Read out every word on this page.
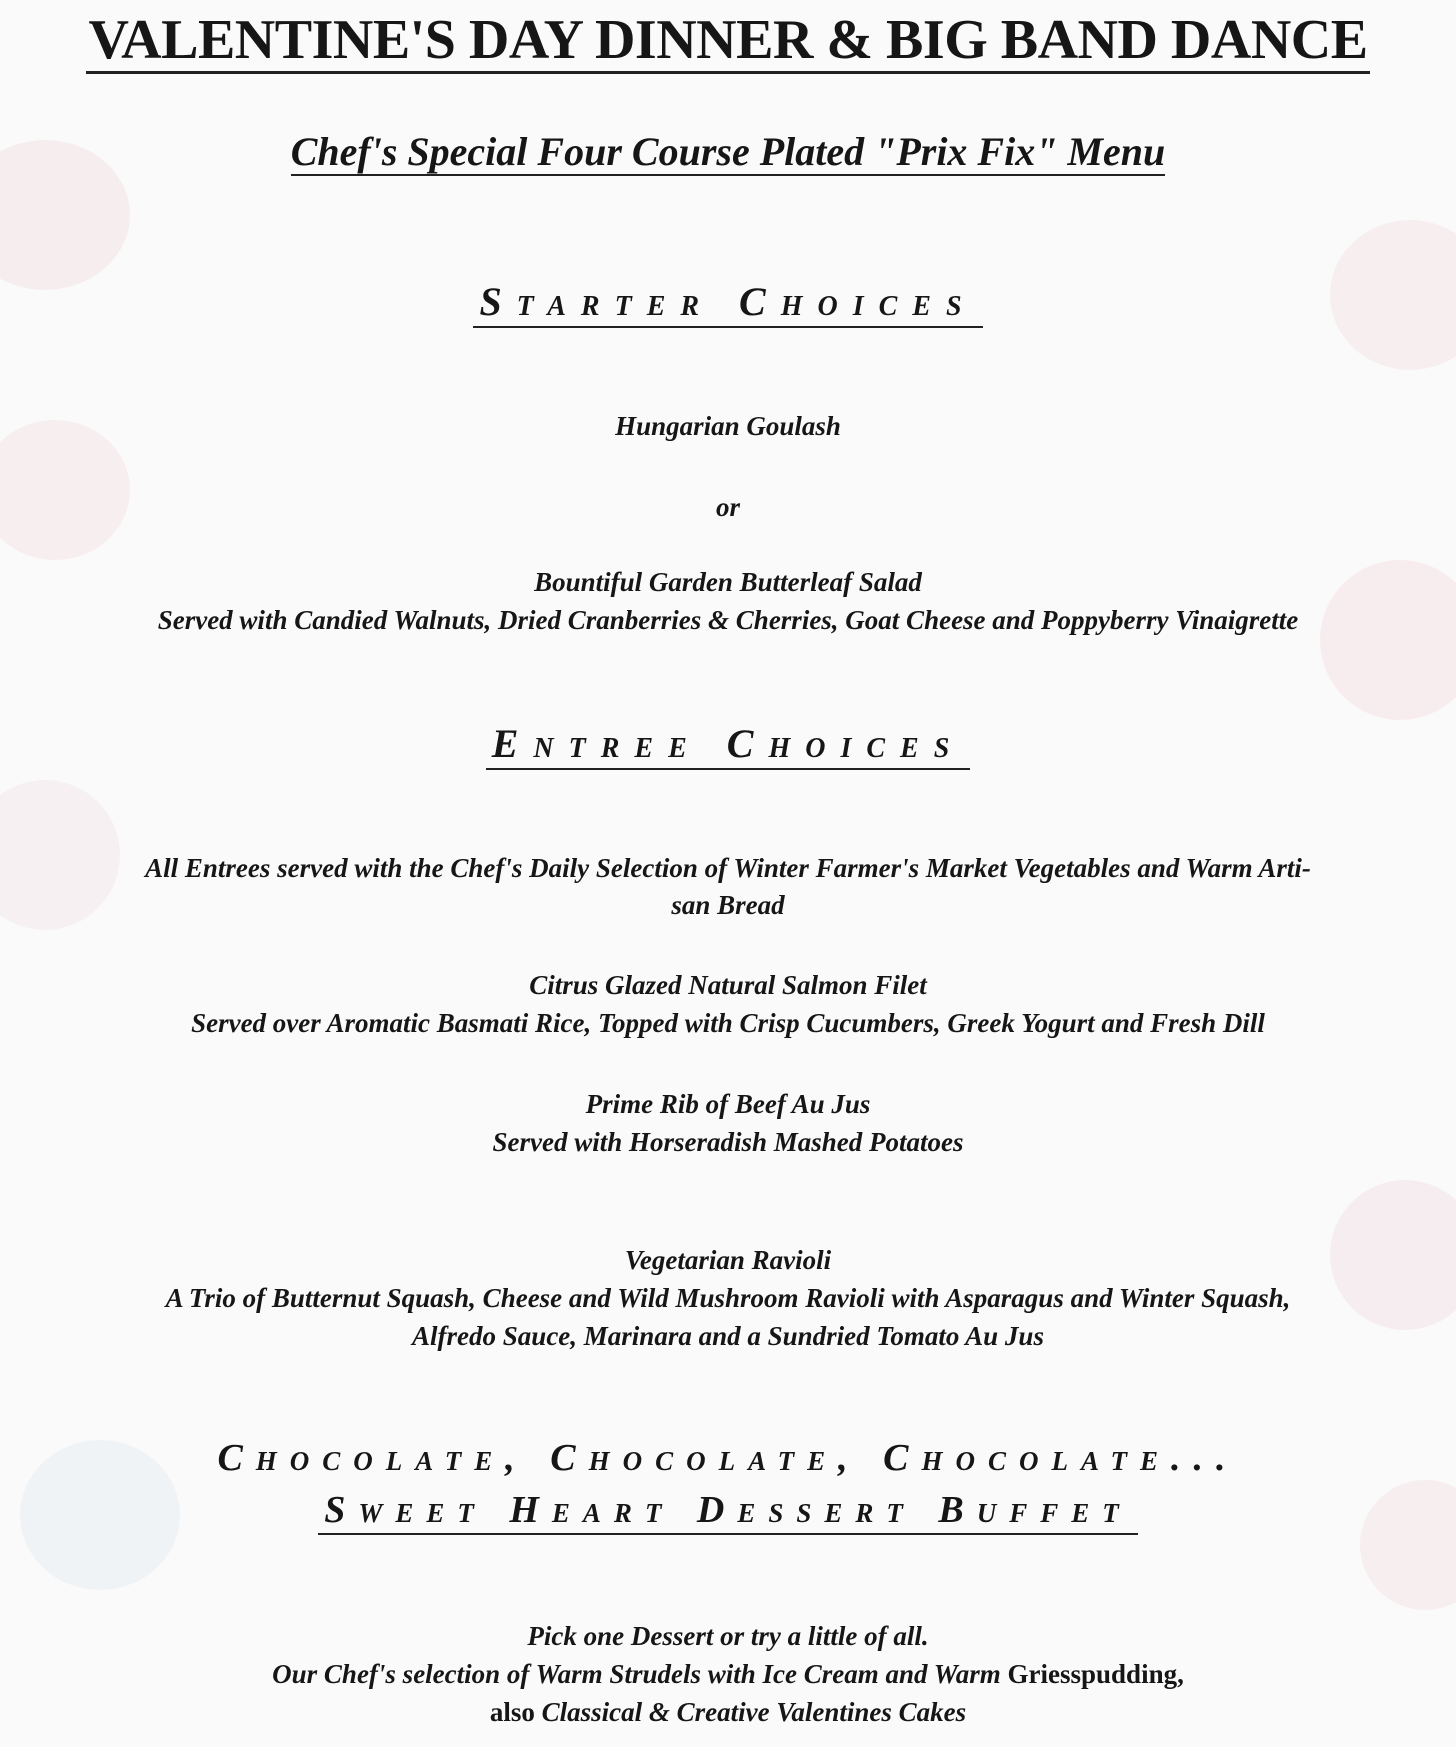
VALENTINE'S DAY DINNER & BIG BAND DANCE
Chef's Special Four Course Plated "Prix Fix" Menu
Starter Choices
Hungarian Goulash
or
Bountiful Garden Butterleaf Salad
Served with Candied Walnuts, Dried Cranberries & Cherries, Goat Cheese and Poppyberry Vinaigrette
Entree Choices
All Entrees served with the Chef's Daily Selection of Winter Farmer's Market Vegetables and Warm Arti-
san Bread
Citrus Glazed Natural Salmon Filet
Served over Aromatic Basmati Rice, Topped with Crisp Cucumbers, Greek Yogurt and Fresh Dill
Prime Rib of Beef Au Jus
Served with Horseradish Mashed Potatoes
Vegetarian Ravioli
A Trio of Butternut Squash, Cheese and Wild Mushroom Ravioli with Asparagus and Winter Squash,
Alfredo Sauce, Marinara and a Sundried Tomato Au Jus
Chocolate, Chocolate, Chocolate...
Sweet Heart Dessert Buffet
Pick one Dessert or try a little of all.
Our Chef's selection of Warm Strudels with Ice Cream and Warm Griesspudding,
also Classical & Creative Valentines Cakes
